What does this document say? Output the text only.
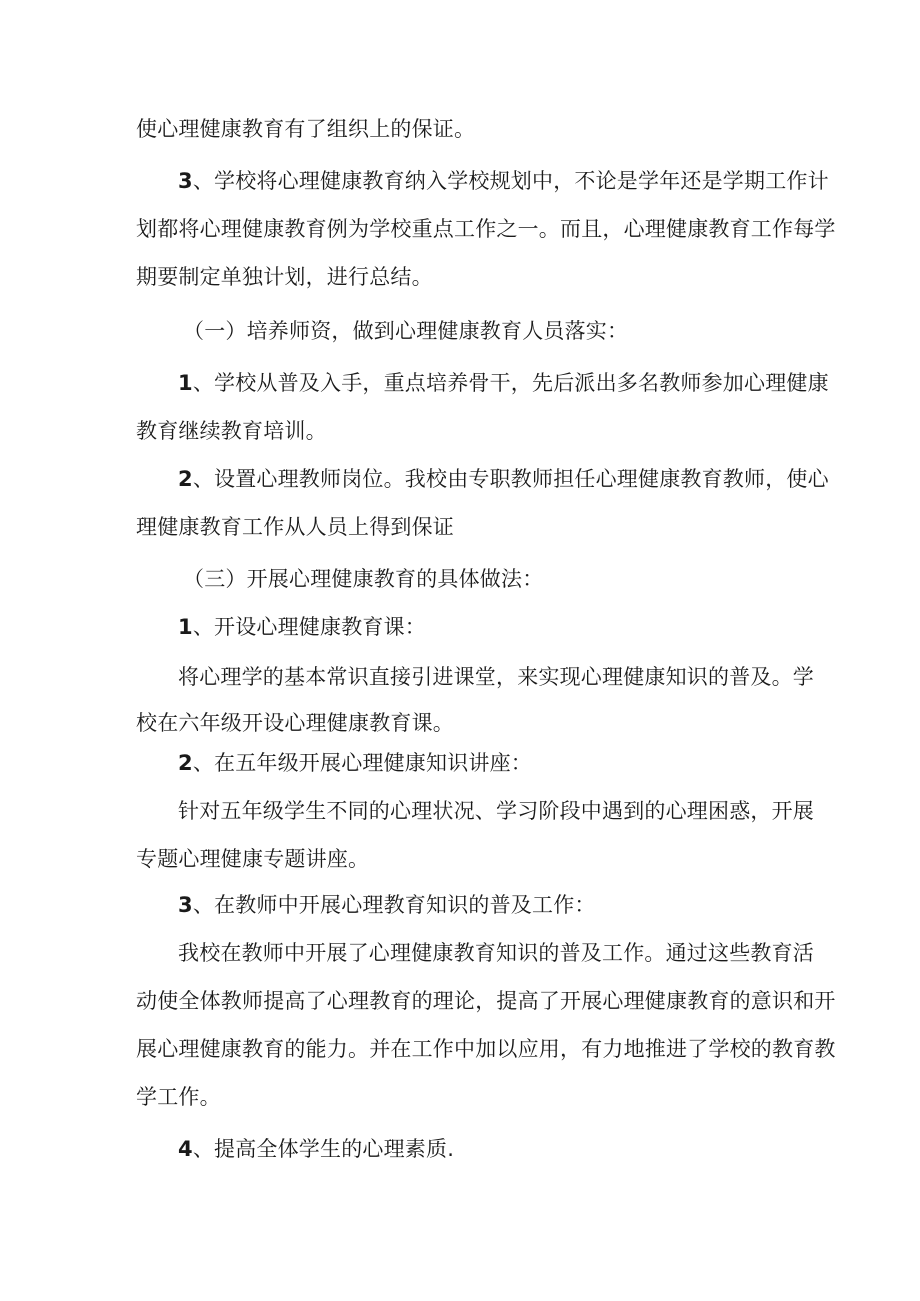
使心理健康教育有了组织上的保证。

3、学校将心理健康教育纳入学校规划中，不论是学年还是学期工作计

划都将心理健康教育例为学校重点工作之一。而且，心理健康教育工作每学

期要制定单独计划，进行总结。

（一）培养师资，做到心理健康教育人员落实：

1、学校从普及入手，重点培养骨干，先后派出多名教师参加心理健康

教育继续教育培训。

2、设置心理教师岗位。我校由专职教师担任心理健康教育教师，使心

理健康教育工作从人员上得到保证

（三）开展心理健康教育的具体做法：

1、开设心理健康教育课：

将心理学的基本常识直接引进课堂，来实现心理健康知识的普及。学

校在六年级开设心理健康教育课。

2、在五年级开展心理健康知识讲座：

针对五年级学生不同的心理状况、学习阶段中遇到的心理困惑，开展

专题心理健康专题讲座。

3、在教师中开展心理教育知识的普及工作：

我校在教师中开展了心理健康教育知识的普及工作。通过这些教育活

动使全体教师提高了心理教育的理论，提高了开展心理健康教育的意识和开

展心理健康教育的能力。并在工作中加以应用，有力地推进了学校的教育教

学工作。

4、提高全体学生的心理素质.
